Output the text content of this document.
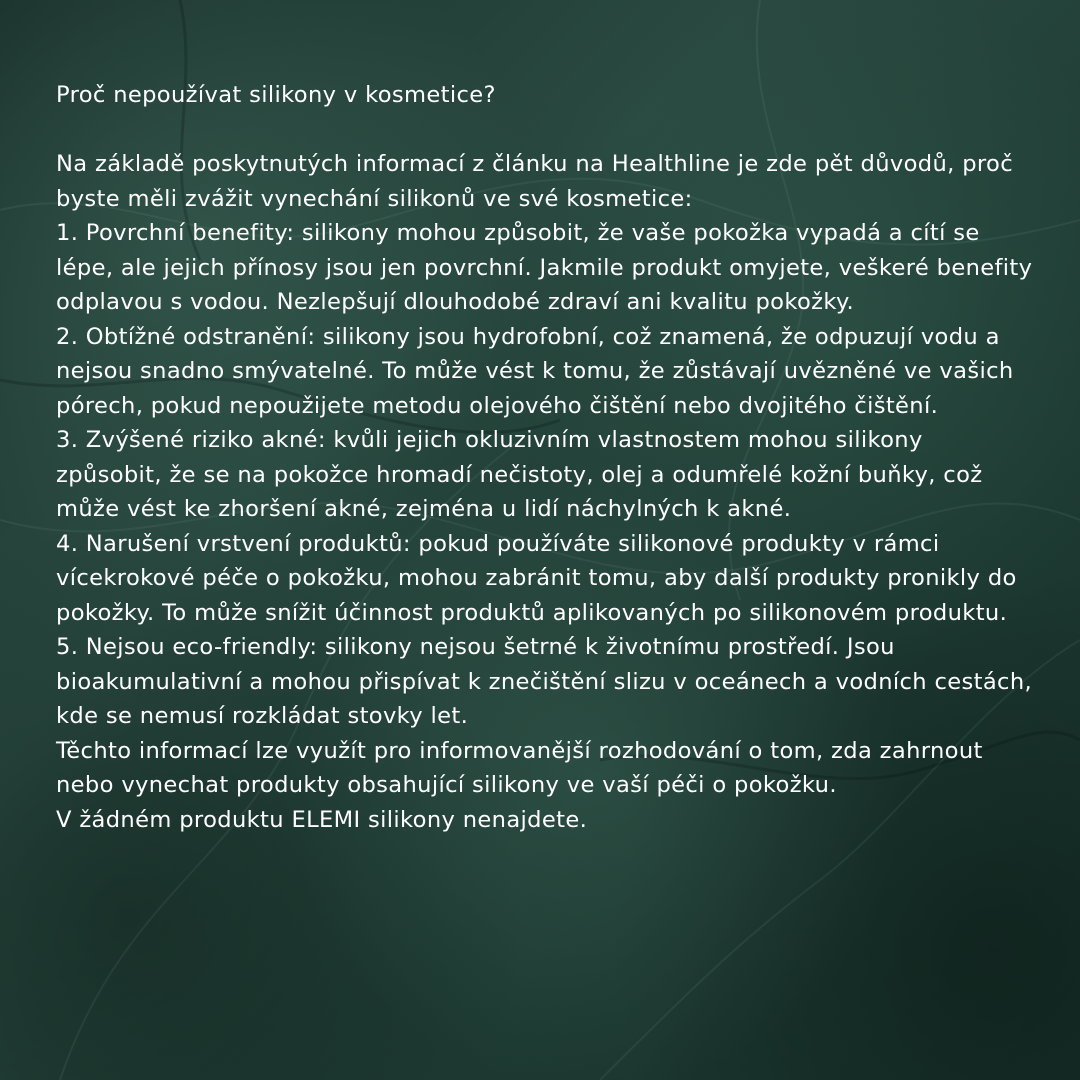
Proč nepoužívat silikony v kosmetice?

Na základě poskytnutých informací z článku na Healthline je zde pět důvodů, proč byste měli zvážit vynechání silikonů ve své kosmetice:

1. Povrchní benefity: silikony mohou způsobit, že vaše pokožka vypadá a cítí se lépe, ale jejich přínosy jsou jen povrchní. Jakmile produkt omyjete, veškeré benefity odplavou s vodou. Nezlepšují dlouhodobé zdraví ani kvalitu pokožky.

2. Obtížné odstranění: silikony jsou hydrofobní, což znamená, že odpuzují vodu a nejsou snadno smývatelné. To může vést k tomu, že zůstávají uvězněné ve vašich pórech, pokud nepoužijete metodu olejového čištění nebo dvojitého čištění.

3. Zvýšené riziko akné: kvůli jejich okluzivním vlastnostem mohou silikony způsobit, že se na pokožce hromadí nečistoty, olej a odumřelé kožní buňky, což může vést ke zhoršení akné, zejména u lidí náchylných k akné.

4. Narušení vrstvení produktů: pokud používáte silikonové produkty v rámci vícekrokové péče o pokožku, mohou zabránit tomu, aby další produkty pronikly do pokožky. To může snížit účinnost produktů aplikovaných po silikonovém produktu.

5. Nejsou eco-friendly: silikony nejsou šetrné k životnímu prostředí. Jsou bioakumulativní a mohou přispívat k znečištění slizu v oceánech a vodních cestách, kde se nemusí rozkládat stovky let.

Těchto informací lze využít pro informovanější rozhodování o tom, zda zahrnout nebo vynechat produkty obsahující silikony ve vaší péči o pokožku.

V žádném produktu ELEMI silikony nenajdete.
